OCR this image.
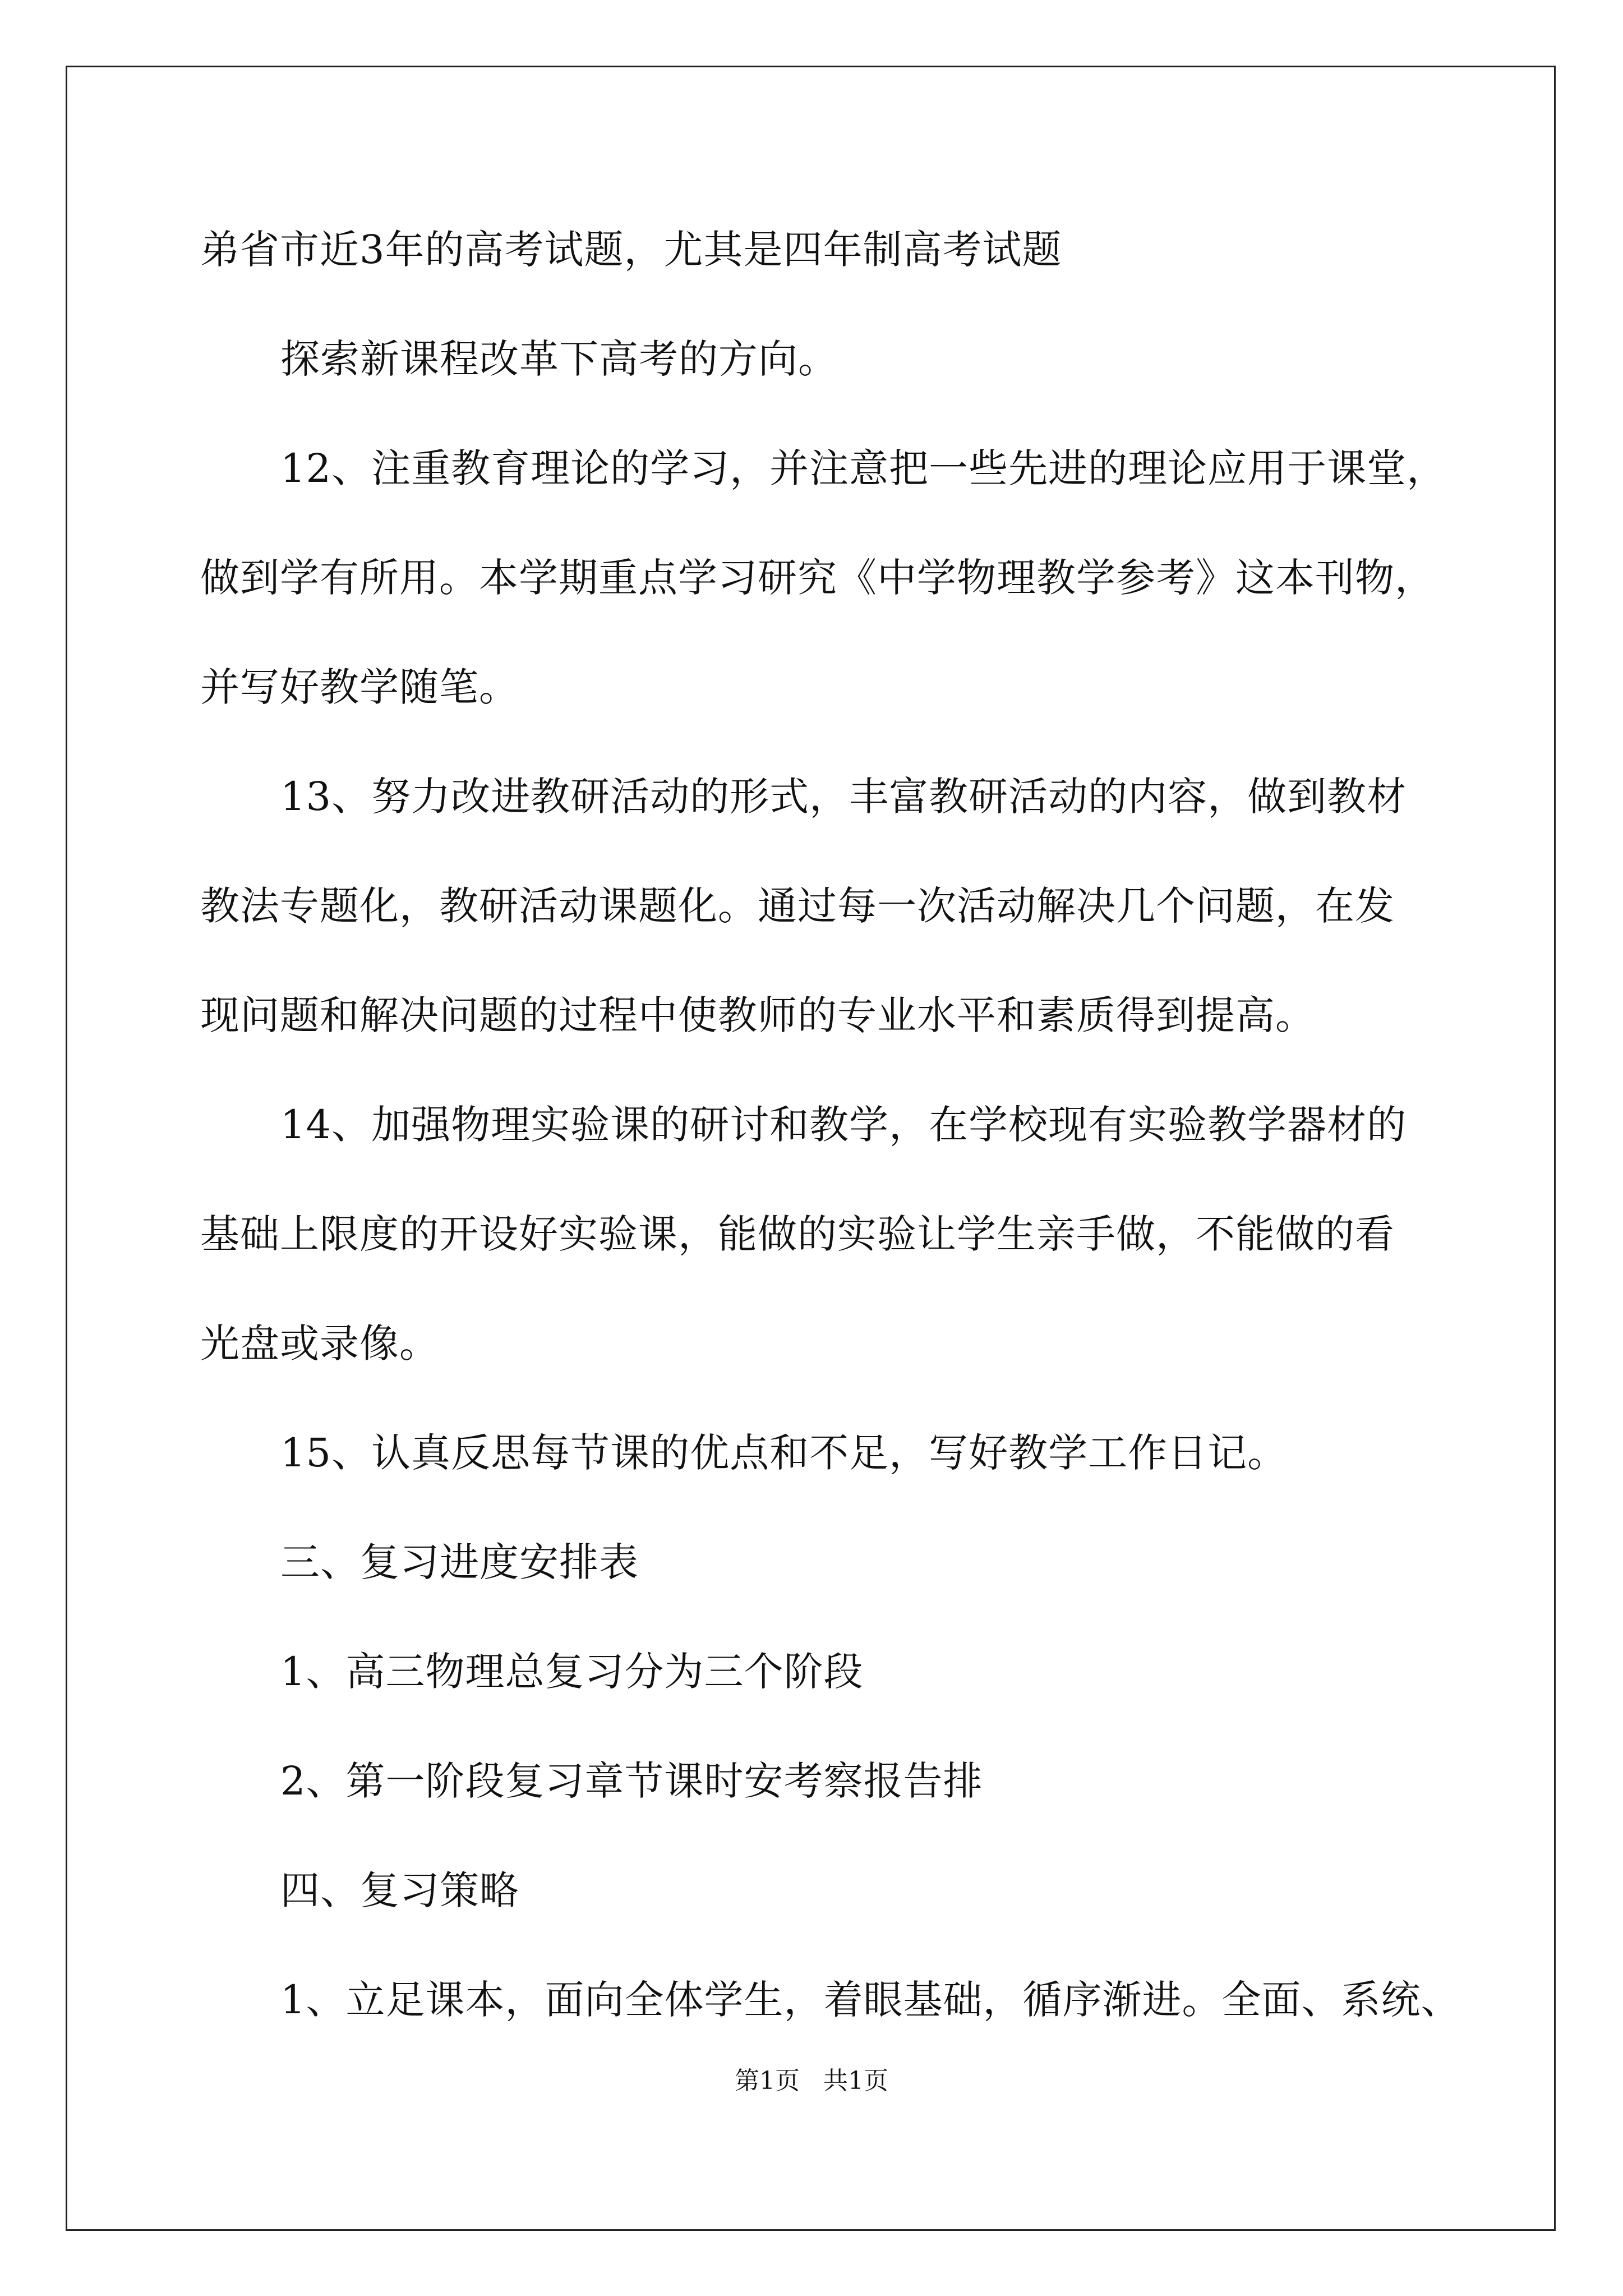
弟省市近3年的高考试题，尤其是四年制高考试题
探索新课程改革下高考的方向。
12、注重教育理论的学习，并注意把一些先进的理论应用于课堂，
做到学有所用。本学期重点学习研究《中学物理教学参考》这本刊物，
并写好教学随笔。
13、努力改进教研活动的形式，丰富教研活动的内容，做到教材
教法专题化，教研活动课题化。通过每一次活动解决几个问题，在发
现问题和解决问题的过程中使教师的专业水平和素质得到提高。
14、加强物理实验课的研讨和教学，在学校现有实验教学器材的
基础上限度的开设好实验课，能做的实验让学生亲手做，不能做的看
光盘或录像。
15、认真反思每节课的优点和不足，写好教学工作日记。
三、复习进度安排表
1、高三物理总复习分为三个阶段
2、第一阶段复习章节课时安考察报告排
四、复习策略
1、立足课本，面向全体学生，着眼基础，循序渐进。全面、系统、
第1页   共1页
